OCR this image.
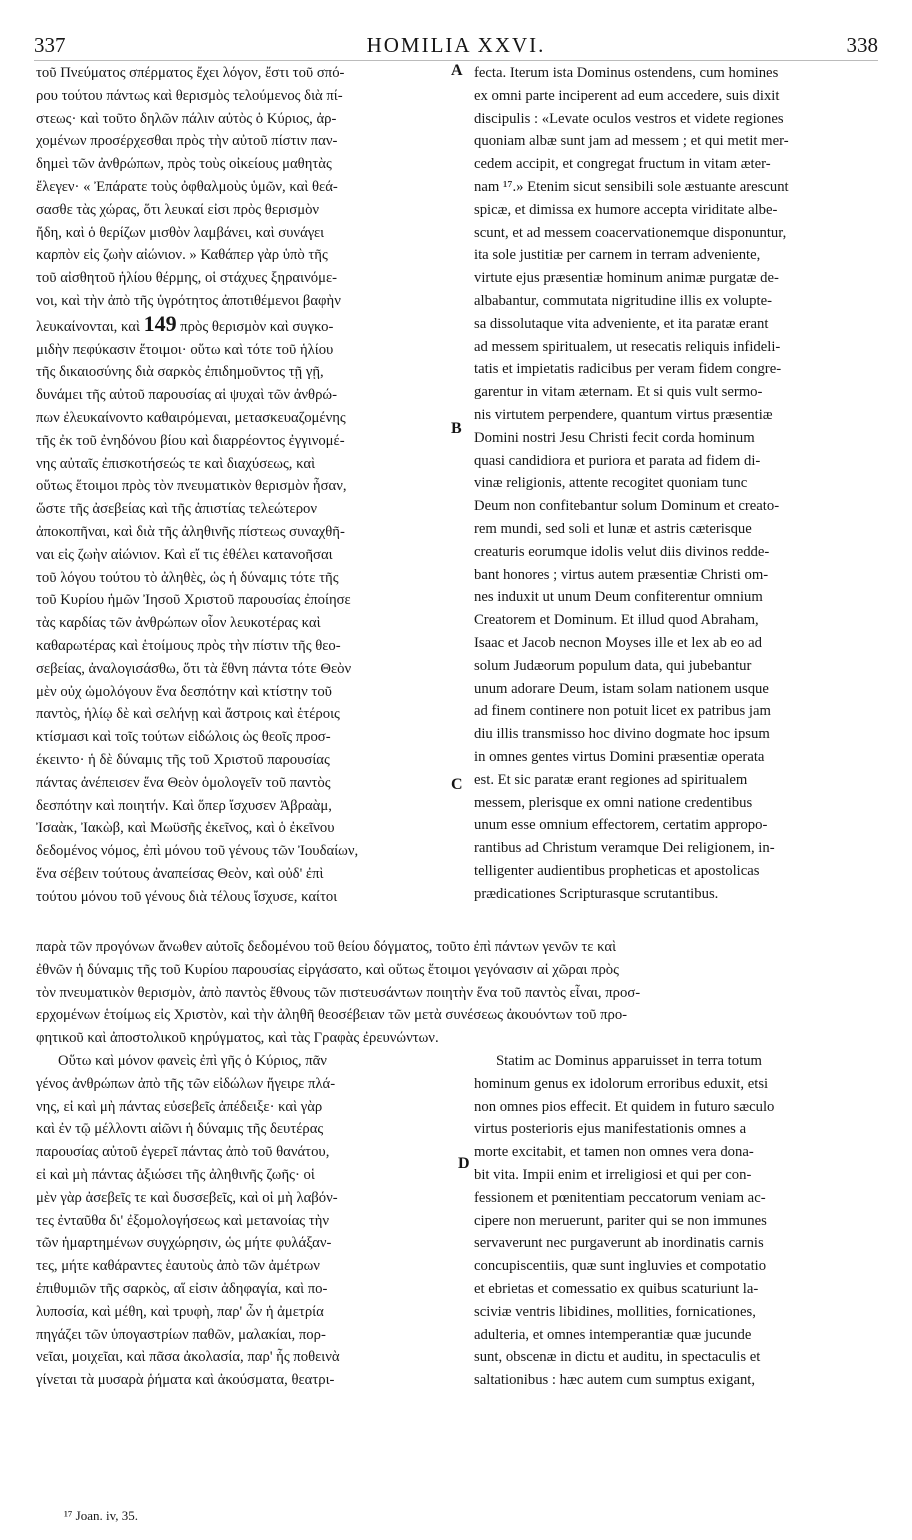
337	HOMILIA XXVI.	338
A
B
C
D
τοῦ Πνεύματος σπέρματος ἔχει λόγον, ἔστι τοῦ σπό-
ρου τούτου πάντως καὶ θερισμὸς τελούμενος διὰ πί-
στεως· καὶ τοῦτο δηλῶν πάλιν αὐτὸς ὁ Κύριος, ἀρ-
χομένων προσέρχεσθαι πρὸς τὴν αὐτοῦ πίστιν παν-
δημεὶ τῶν ἀνθρώπων, πρὸς τοὺς οἰκείους μαθητὰς
ἔλεγεν· « Ἐπάρατε τοὺς ὀφθαλμοὺς ὑμῶν, καὶ θεά-
σασθε τὰς χώρας, ὅτι λευκαί εἰσι πρὸς θερισμὸν
ἤδη, καὶ ὁ θερίζων μισθὸν λαμβάνει, καὶ συνάγει
καρπὸν εἰς ζωὴν αἰώνιον. » Καθάπερ γὰρ ὑπὸ τῆς
τοῦ αἰσθητοῦ ἡλίου θέρμης, οἱ στάχυες ξηραινόμε-
νοι, καὶ τὴν ἀπὸ τῆς ὑγρότητος ἀποτιθέμενοι βαφὴν
λευκαίνονται, καὶ 149 πρὸς θερισμὸν καὶ συγκο-
μιδὴν πεφύκασιν ἕτοιμοι· οὕτω καὶ τότε τοῦ ἡλίου
τῆς δικαιοσύνης διὰ σαρκὸς ἐπιδημοῦντος τῇ γῇ,
δυνάμει τῆς αὐτοῦ παρουσίας αἱ ψυχαὶ τῶν ἀνθρώ-
πων ἐλευκαίνοντο καθαιρόμεναι, μετασκευαζομένης
τῆς ἐκ τοῦ ἐνηδόνου βίου καὶ διαρρέοντος ἐγγινομέ-
νης αὐταῖς ἐπισκοτήσεώς τε καὶ διαχύσεως, καὶ
οὕτως ἕτοιμοι πρὸς τὸν πνευματικὸν θερισμὸν ἦσαν,
ὥστε τῆς ἀσεβείας καὶ τῆς ἀπιστίας τελεώτερον
ἀποκοπῆναι, καὶ διὰ τῆς ἀληθινῆς πίστεως συναχθῆ-
ναι εἰς ζωὴν αἰώνιον. Καὶ εἴ τις ἐθέλει κατανοῆσαι
τοῦ λόγου τούτου τὸ ἀληθὲς, ὡς ἡ δύναμις τότε τῆς
τοῦ Κυρίου ἡμῶν Ἰησοῦ Χριστοῦ παρουσίας ἐποίησε
τὰς καρδίας τῶν ἀνθρώπων οἷον λευκοτέρας καὶ
καθαρωτέρας καὶ ἑτοίμους πρὸς τὴν πίστιν τῆς θεο-
σεβείας, ἀναλογισάσθω, ὅτι τὰ ἔθνη πάντα τότε Θεὸν
μὲν οὐχ ὡμολόγουν ἕνα δεσπότην καὶ κτίστην τοῦ
παντὸς, ἡλίῳ δὲ καὶ σελήνῃ καὶ ἄστροις καὶ ἑτέροις
κτίσμασι καὶ τοῖς τούτων εἰδώλοις ὡς θεοῖς προσ-
έκειντο· ἡ δὲ δύναμις τῆς τοῦ Χριστοῦ παρουσίας
πάντας ἀνέπεισεν ἕνα Θεὸν ὁμολογεῖν τοῦ παντὸς
δεσπότην καὶ ποιητήν. Καὶ ὅπερ ἴσχυσεν Ἀβραὰμ,
Ἰσαὰκ, Ἰακὼβ, καὶ Μωϋσῆς ἐκεῖνος, καὶ ὁ ἐκεῖνου
δεδομένος νόμος, ἐπὶ μόνου τοῦ γένους τῶν Ἰουδαίων,
ἕνα σέβειν τούτους ἀναπείσας Θεὸν, καὶ οὐδ' ἐπὶ
τούτου μόνου τοῦ γένους διὰ τέλους ἴσχυσε, καίτοι
fecta. Iterum ista Dominus ostendens, cum homines
ex omni parte inciperent ad eum accedere, suis dixit
discipulis : «Levate oculos vestros et videte regiones
quoniam albæ sunt jam ad messem ; et qui metit mer-
cedem accipit, et congregat fructum in vitam æter-
nam ¹⁷.» Etenim sicut sensibili sole æstuante arescunt
spicæ, et dimissa ex humore accepta viriditate albe-
scunt, et ad messem coacervationemque disponuntur,
ita sole justitiæ per carnem in terram adveniente,
virtute ejus præsentiæ hominum animæ purgatæ de-
albabantur, commutata nigritudine illis ex volupte-
sa dissolutaque vita adveniente, et ita paratæ erant
ad messem spiritualem, ut resecatis reliquis infideli-
tatis et impietatis radicibus per veram fidem congre-
garentur in vitam æternam. Et si quis vult sermo-
nis virtutem perpendere, quantum virtus præsentiæ
Domini nostri Jesu Christi fecit corda hominum
quasi candidiora et puriora et parata ad fidem di-
vinæ religionis, attente recogitet quoniam tunc
Deum non confitebantur solum Dominum et creato-
rem mundi, sed soli et lunæ et astris cæterisque
creaturis eorumque idolis velut diis divinos redde-
bant honores ; virtus autem præsentiæ Christi om-
nes induxit ut unum Deum confiterentur omnium
Creatorem et Dominum. Et illud quod Abraham,
Isaac et Jacob necnon Moyses ille et lex ab eo ad
solum Judæorum populum data, qui jubebantur
unum adorare Deum, istam solam nationem usque
ad finem continere non potuit licet ex patribus jam
diu illis transmisso hoc divino dogmate hoc ipsum
in omnes gentes virtus Domini præsentiæ operata
est. Et sic paratæ erant regiones ad spiritualem
messem, plerisque ex omni natione credentibus
unum esse omnium effectorem, certatim appropo-
rantibus ad Christum veramque Dei religionem, in-
telligenter audientibus propheticas et apostolicas
prædicationes Scripturasque scrutantibus.
παρὰ τῶν προγόνων ἄνωθεν αὐτοῖς δεδομένου τοῦ θείου δόγματος, τοῦτο ἐπὶ πάντων γενῶν τε καὶ
ἐθνῶν ἡ δύναμις τῆς τοῦ Κυρίου παρουσίας εἰργάσατο, καὶ οὕτως ἕτοιμοι γεγόνασιν αἱ χῶραι πρὸς
τὸν πνευματικὸν θερισμὸν, ἀπὸ παντὸς ἔθνους τῶν πιστευσάντων ποιητὴν ἕνα τοῦ παντὸς εἶναι, προσ-
ερχομένων ἑτοίμως εἰς Χριστὸν, καὶ τὴν ἀληθῆ θεοσέβειαν τῶν μετὰ συνέσεως ἀκουόντων τοῦ προ-
φητικοῦ καὶ ἀποστολικοῦ κηρύγματος, καὶ τὰς Γραφὰς ἐρευνώντων.
Οὕτω καὶ μόνον φανεὶς ἐπὶ γῆς ὁ Κύριος, πᾶν
γένος ἀνθρώπων ἀπὸ τῆς τῶν εἰδώλων ἤγειρε πλά-
νης, εἰ καὶ μὴ πάντας εὐσεβεῖς ἀπέδειξε· καὶ γὰρ
καὶ ἐν τῷ μέλλοντι αἰῶνι ἡ δύναμις τῆς δευτέρας
παρουσίας αὐτοῦ ἐγερεῖ πάντας ἀπὸ τοῦ θανάτου,
εἰ καὶ μὴ πάντας ἀξιώσει τῆς ἀληθινῆς ζωῆς· οἱ
μὲν γὰρ ἀσεβεῖς τε καὶ δυσσεβεῖς, καὶ οἱ μὴ λαβόν-
τες ἐνταῦθα δι' ἐξομολογήσεως καὶ μετανοίας τὴν
τῶν ἡμαρτημένων συγχώρησιν, ὡς μήτε φυλάξαν-
τες, μήτε καθάραντες ἑαυτοὺς ἀπὸ τῶν ἀμέτρων
ἐπιθυμιῶν τῆς σαρκὸς, αἵ εἰσιν ἀδηφαγία, καὶ πο-
λυποσία, καὶ μέθη, καὶ τρυφὴ, παρ' ὧν ἡ ἀμετρία
πηγάζει τῶν ὑπογαστρίων παθῶν, μαλακίαι, πορ-
νεῖαι, μοιχεῖαι, καὶ πᾶσα ἀκολασία, παρ' ἧς ποθεινὰ
γίνεται τὰ μυσαρὰ ῥήματα καὶ ἀκούσματα, θεατρι-
Statim ac Dominus apparuisset in terra totum
hominum genus ex idolorum erroribus eduxit, etsi
non omnes pios effecit. Et quidem in futuro sæculo
virtus posterioris ejus manifestationis omnes a
morte excitabit, et tamen non omnes vera dona-
bit vita. Impii enim et irreligiosi et qui per con-
fessionem et pœnitentiam peccatorum veniam ac-
cipere non meruerunt, pariter qui se non immunes
servaverunt nec purgaverunt ab inordinatis carnis
concupiscentiis, quæ sunt ingluvies et compotatio
et ebrietas et comessatio ex quibus scaturiunt la-
sciviæ ventris libidines, mollities, fornicationes,
adulteria, et omnes intemperantiæ quæ jucunde
sunt, obscenæ in dictu et auditu, in spectaculis et
saltationibus : hæc autem cum sumptus exigant,
¹⁷ Joan. iv, 35.
